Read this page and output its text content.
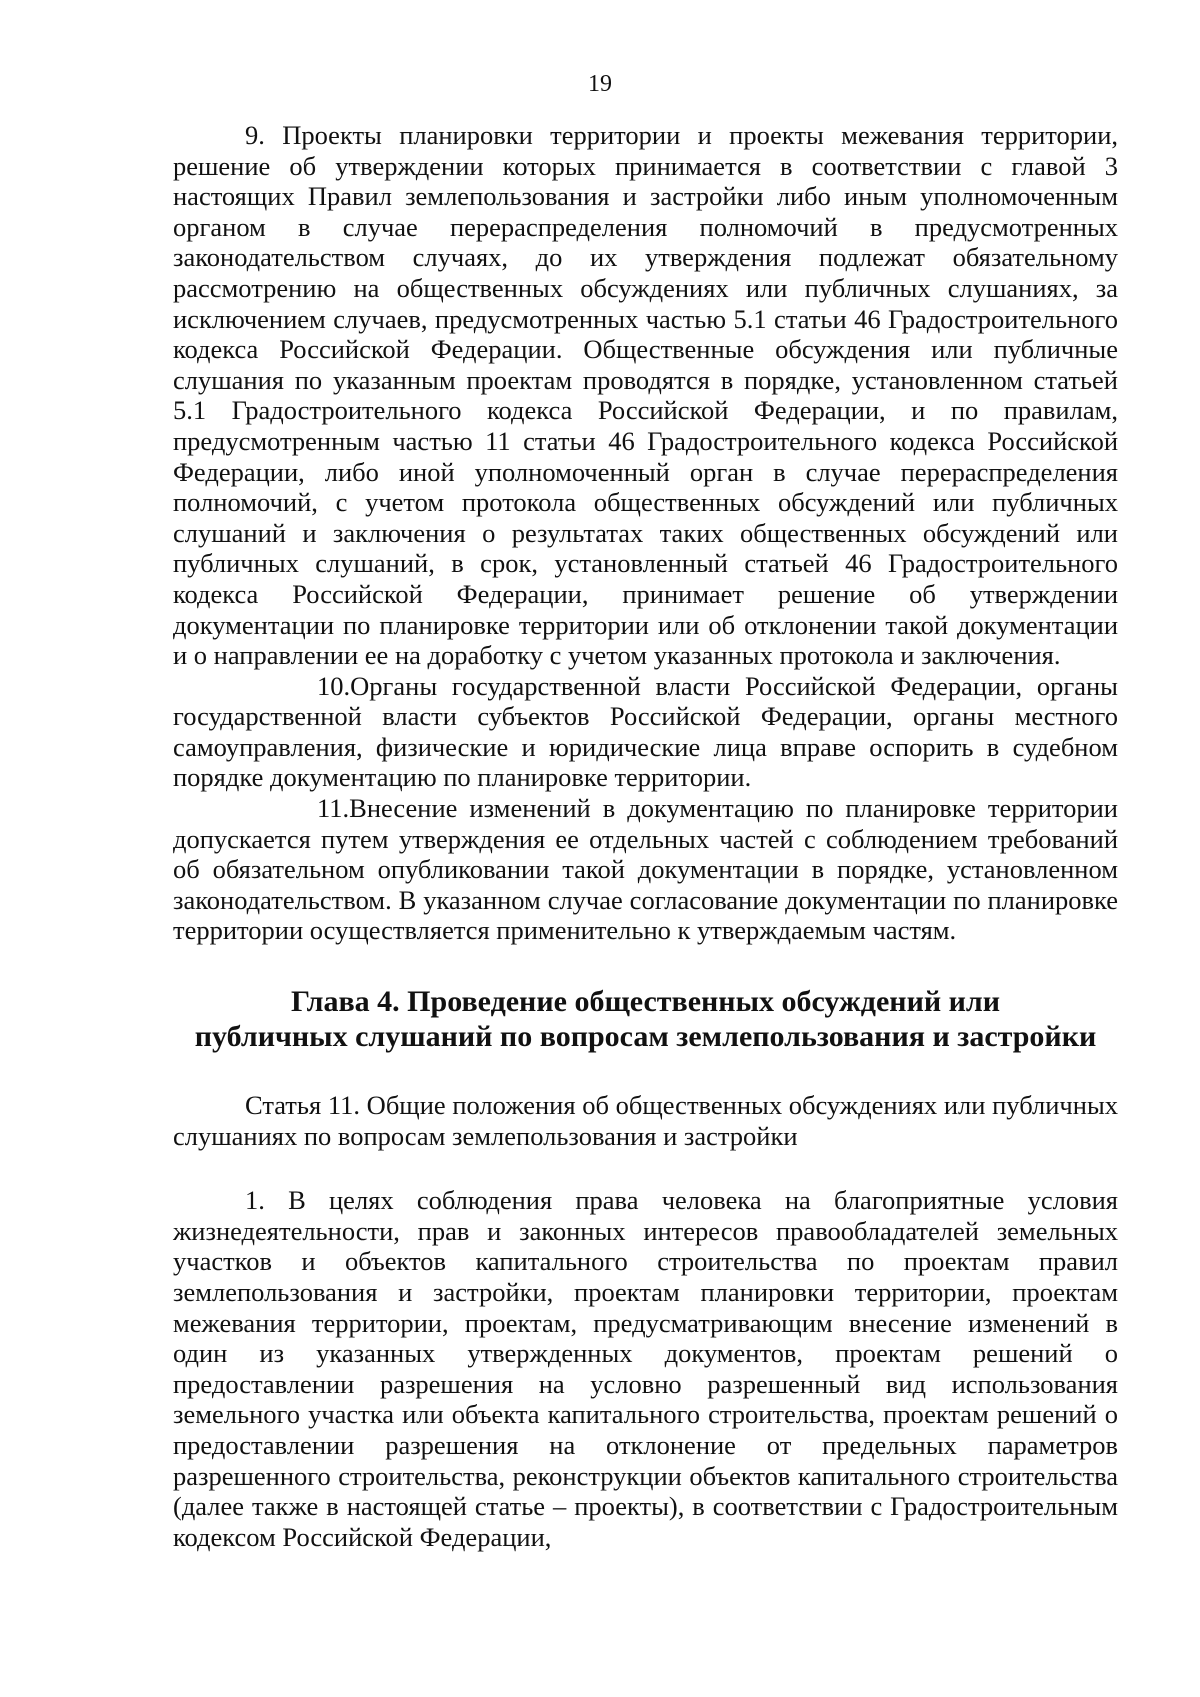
19

9. Проекты планировки территории и проекты межевания территории, решение об утверждении которых принимается в соответствии с главой 3 настоящих Правил землепользования и застройки либо иным уполномоченным органом в случае перераспределения полномочий в предусмотренных законодательством случаях, до их утверждения подлежат обязательному рассмотрению на общественных обсуждениях или публичных слушаниях, за исключением случаев, предусмотренных частью 5.1 статьи 46 Градостроительного кодекса Российской Федерации. Общественные обсуждения или публичные слушания по указанным проектам проводятся в порядке, установленном статьей 5.1 Градостроительного кодекса Российской Федерации, и по правилам, предусмотренным частью 11 статьи 46 Градостроительного кодекса Российской Федерации, либо иной уполномоченный орган в случае перераспределения полномочий, с учетом протокола общественных обсуждений или публичных слушаний и заключения о результатах таких общественных обсуждений или публичных слушаний, в срок, установленный статьей 46 Градостроительного кодекса Российской Федерации, принимает решение об утверждении документации по планировке территории или об отклонении такой документации и о направлении ее на доработку с учетом указанных протокола и заключения.

10.Органы государственной власти Российской Федерации, органы государственной власти субъектов Российской Федерации, органы местного самоуправления, физические и юридические лица вправе оспорить в судебном порядке документацию по планировке территории.

11.Внесение изменений в документацию по планировке территории допускается путем утверждения ее отдельных частей с соблюдением требований об обязательном опубликовании такой документации в порядке, установленном законодательством. В указанном случае согласование документации по планировке территории осуществляется применительно к утверждаемым частям.

Глава 4. Проведение общественных обсуждений или
публичных слушаний по вопросам землепользования и застройки

Статья 11. Общие положения об общественных обсуждениях или публичных слушаниях по вопросам землепользования и застройки

1. В целях соблюдения права человека на благоприятные условия жизнедеятельности, прав и законных интересов правообладателей земельных участков и объектов капитального строительства по проектам правил землепользования и застройки, проектам планировки территории, проектам межевания территории, проектам, предусматривающим внесение изменений в один из указанных утвержденных документов, проектам решений о предоставлении разрешения на условно разрешенный вид использования земельного участка или объекта капитального строительства, проектам решений о предоставлении разрешения на отклонение от предельных параметров разрешенного строительства, реконструкции объектов капитального строительства (далее также в настоящей статье – проекты), в соответствии с Градостроительным кодексом Российской Федерации,
